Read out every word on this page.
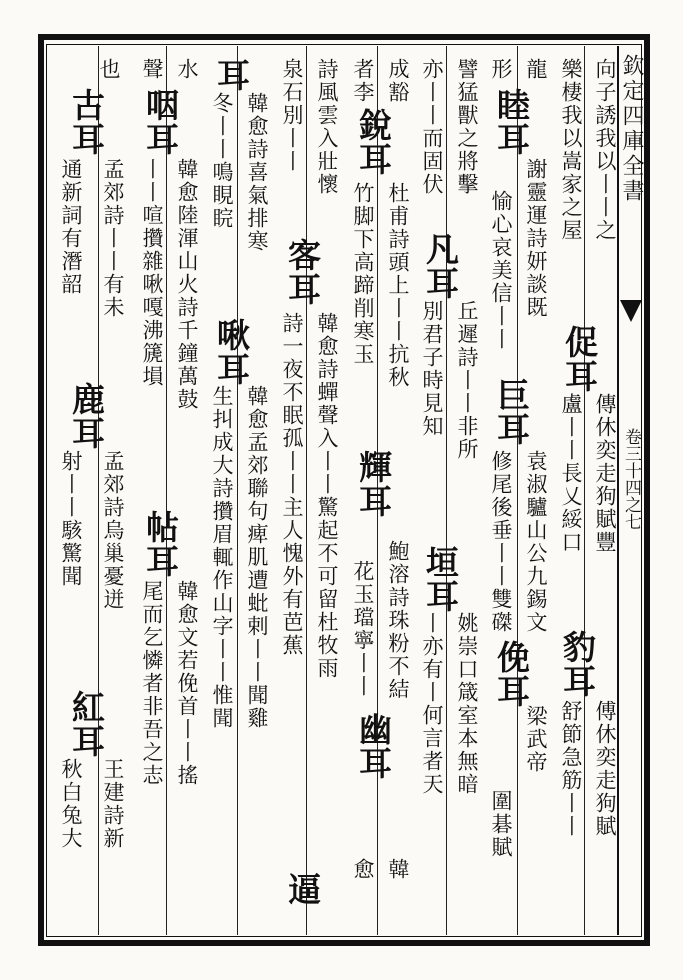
欽定四庫全書
卷三十四之七
向子誘我以丨丨之
促耳
傳休奕走狗賦豐
豹耳
傅休奕走狗賦
樂棲我以嵩家之屋
盧丨丨長乂綏口
舒節急筋丨丨
龍
睦耳
謝靈運詩妍談既
巨耳
袁淑驢山公九錫文
俛耳
梁武帝
形
愉心哀美信丨丨
修尾後垂丨丨雙磔
圍碁賦
譬猛獸之將擊
凡耳
丘遲詩丨丨非所
垣耳
姚崇口箴室本無暗
亦丨丨而固伏
別君子時見知
丨亦有丨何言者天
成豁
銳耳
杜甫詩頭上丨丨抗秋
鮑溶詩珠粉不結
幽耳
韓
者李
竹脚下高蹄削寒玉
輝耳
花玉璫寧丨丨
愈
詩風雲入壯懷
客耳
韓愈詩蟬聲入丨丨驚起不可留杜牧雨
逼
泉石別丨丨
詩一夜不眠孤丨丨主人愧外有芭蕉
耳
韓愈詩喜氣排寒
啾耳
韓愈孟郊聯句痺肌遭蚍剌丨丨聞雞
冬丨丨鳴睍睆
生㧃成大詩攢眉輒作山字丨丨惟聞
水
咽耳
韓愈陸渾山火詩千鐘萬鼓
帖耳
韓愈文若俛首丨丨搖
聲
丨丨喧攢雜啾嘎沸篪塤
尾而乞憐者非吾之志
也
古耳
孟郊詩丨丨有未
鹿耳
孟郊詩烏巢憂迸
紅耳
王建詩新
通新詞有潛韶
射丨丨駭驚聞
秋白兔大
